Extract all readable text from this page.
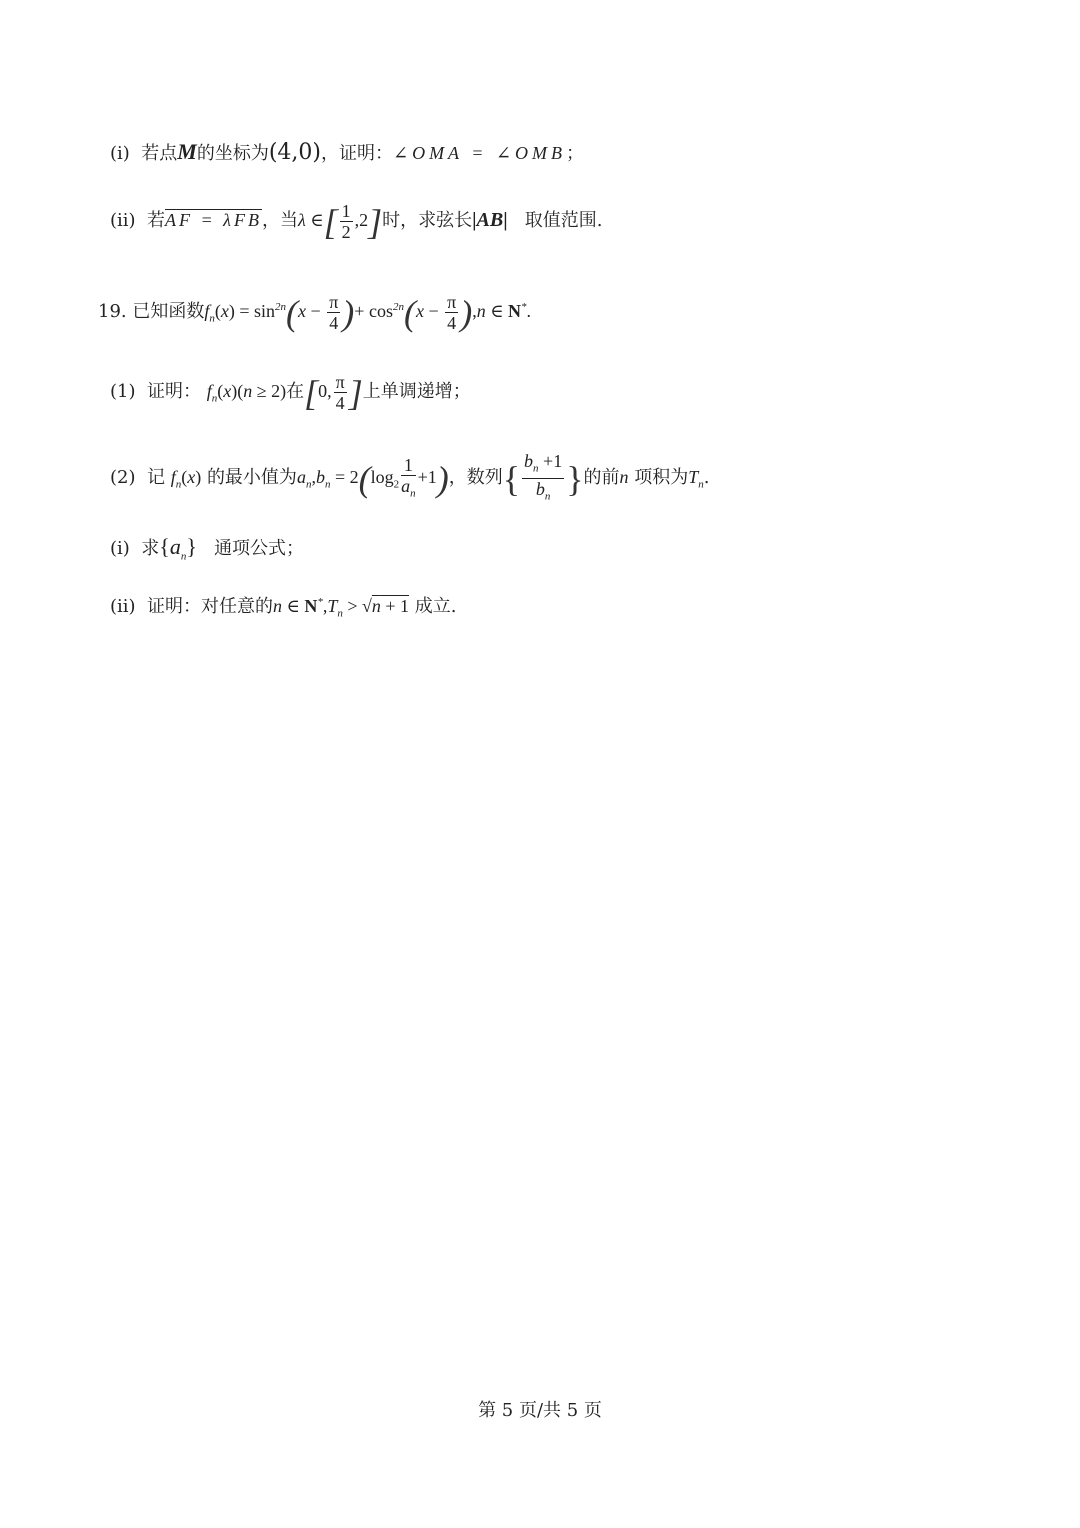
(i) 若点M的坐标为(4,0)，证明：∠OMA = ∠OMB；
(ii) 若AF = λFB，当λ ∈[ $\frac{1}{2} ,2$]时，求弦长|AB| 取值范围.
19. 已知函数$f_n(x) = \sin^{2n}(x - \frac{\pi}{4}$ )+ $\cos^{2n}(x - \frac{\pi}{4} ),n$ ∈ N*.
(1) 证明： $f_n(x)(n \ge 2)$在[0, $\frac{\pi}{4}$ ]上单调递增；
(2) 记 $f_n(x)$ 的最小值为$a_n,b_n = 2(\log_2 \frac{1}{a_n} +1)$，数列{ $\frac{b_n +1}{b_n}$ }的前n 项积为$T_n$.
(i) 求$\{a_n\}$ 通项公式；
(ii) 证明：对任意的n ∈ $N^*,T_n > √n + 1$ 成立.
第 5 页/共 5 页
